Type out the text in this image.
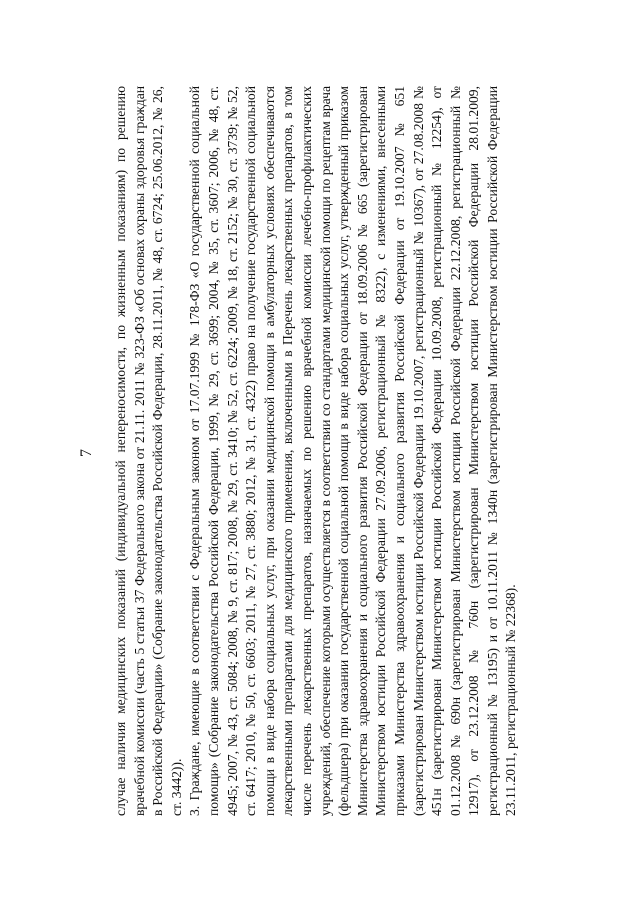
7 случае наличия медицинских показаний (индивидуальной непереносимости, по жизненным показаниям) по решению врачебной комиссии (часть 5 статьи 37 Федерального закона от 21.11. 2011 № 323-ФЗ «Об основах охраны здоровья граждан в Российской Федерации» (Собрание законодательства Российской Федерации, 28.11.2011, № 48, ст. 6724; 25.06.2012, № 26, ст. 3442)). 3. Граждане, имеющие в соответствии с Федеральным законом от 17.07.1999 № 178-ФЗ «О государственной социальной помощи» (Собрание законодательства Российской Федерации, 1999, № 29, ст. 3699; 2004, № 35, ст. 3607; 2006, № 48, ст. 4945; 2007, № 43, ст. 5084; 2008, № 9, ст. 817; 2008, № 29, ст. 3410; № 52, ст. 6224; 2009, № 18, ст. 2152; № 30, ст. 3739; № 52, ст. 6417; 2010, № 50, ст. 6603; 2011, № 27, ст. 3880; 2012, № 31, ст. 4322) право на получение государственной социальной помощи в виде набора социальных услуг, при оказании медицинской помощи в амбулаторных условиях обеспечиваются лекарственными препаратами для медицинского применения, включенными в Перечень лекарственных препаратов, в том числе перечень лекарственных препаратов, назначаемых по решению врачебной комиссии лечебно-профилактических учреждений, обеспечение которыми осуществляется в соответствии со стандартами медицинской помощи по рецептам врача (фельдшера) при оказании государственной социальной помощи в виде набора социальных услуг, утвержденный приказом Министерства здравоохранения и социального развития Российской Федерации от 18.09.2006 № 665 (зарегистрирован Министерством юстиции Российской Федерации 27.09.2006, регистрационный № 8322), с изменениями, внесенными приказами Министерства здравоохранения и социального развития Российской Федерации от 19.10.2007 № 651 (зарегистрирован Министерством юстиции Российской Федерации 19.10.2007, регистрационный № 10367), от 27.08.2008 № 451н (зарегистрирован Министерством юстиции Российской Федерации 10.09.2008, регистрационный № 12254), от 01.12.2008 № 690н (зарегистрирован Министерством юстиции Российской Федерации 22.12.2008, регистрационный № 12917), от 23.12.2008 № 760н (зарегистрирован Министерством юстиции Российской Федерации 28.01.2009, регистрационный № 13195) и от 10.11.2011 № 1340н (зарегистрирован Министерством юстиции Российской Федерации 23.11.2011, регистрационный № 22368).
